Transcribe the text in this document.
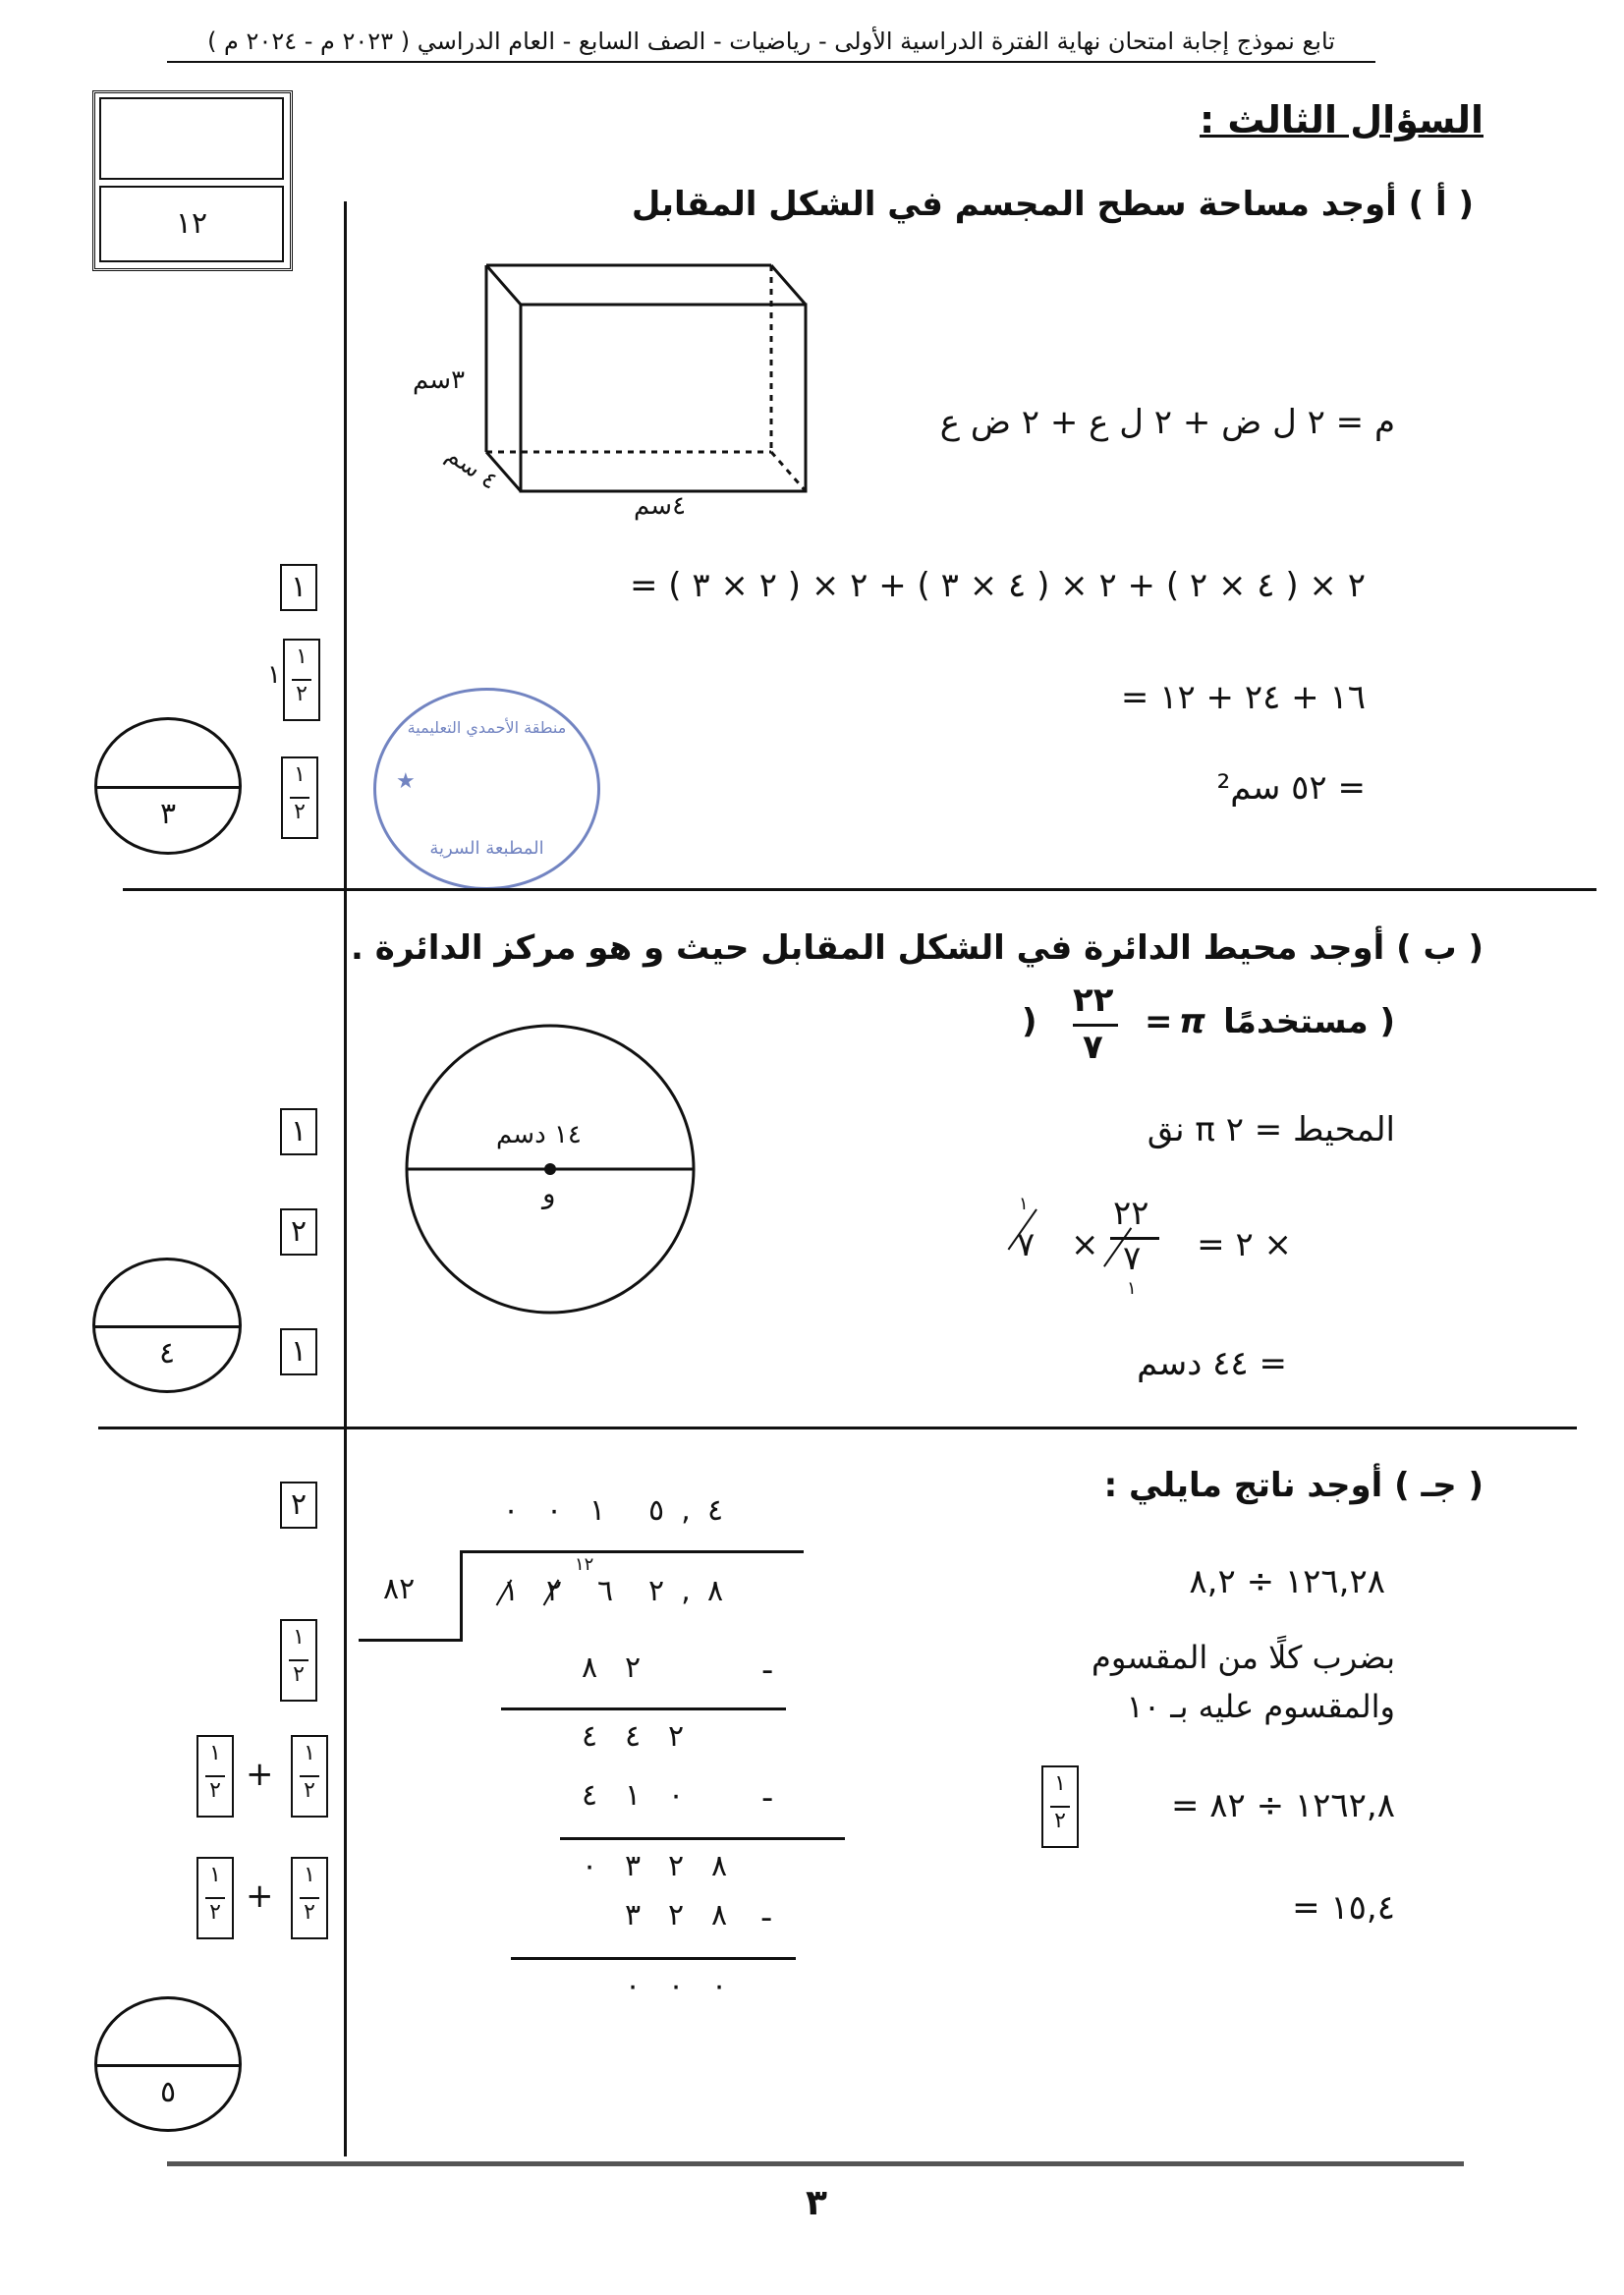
تابع نموذج إجابة امتحان نهاية الفترة الدراسية الأولى - رياضيات - الصف السابع - العام الدراسي ( ٢٠٢٣ م - ٢٠٢٤ م )
١٢
السؤال الثالث :
( أ ) أوجد مساحة سطح المجسم في الشكل المقابل
٣سم
٤سم
٤ سم
م = ٢ ل ض + ٢ ل ع + ٢ ض ع
= ٢ × ( ٤ × ٢ ) + ٢ × ( ٤ × ٣ ) + ٢ × ( ٢ × ٣ )
= ١٦ + ٢٤ + ١٢
= ٥٢ سم²
١
١
١
٢
١
٢
٣
منطقة الأحمدي التعليمية
★
المطبعة السرية
( ب ) أوجد محيط الدائرة في الشكل المقابل حيث و هو مركز الدائرة .
( مستخدمًا
π
=
٢٢
٧
)
١٤ دسم
و
المحيط = ٢ π نق
= ٢ ×
٢٢
٧
١
×
٧
١
= ٤٤ دسم
١
٢
١
٤
( جـ ) أوجد ناتج مايلي :
١٢٦,٢٨ ÷ ٨,٢
بضرب كلًا من المقسوم
والمقسوم عليه بـ ١٠
= ١٢٦٢,٨ ÷ ٨٢
١
٢
= ١٥,٤
٠ ٠ ١	٥ , ٤
٨٢
١٢
١ ٢	٦	٢ , ٨
٨ ٢	-
٤ ٤ ٢
٤ ١ ٠	-
٠ ٣ ٢ ٨
٣ ٢ ٨ -
٠ ٠ ٠
٢
١
٢
١
٢ +
١
٢
١
٢ +
١
٢
٥
٣
